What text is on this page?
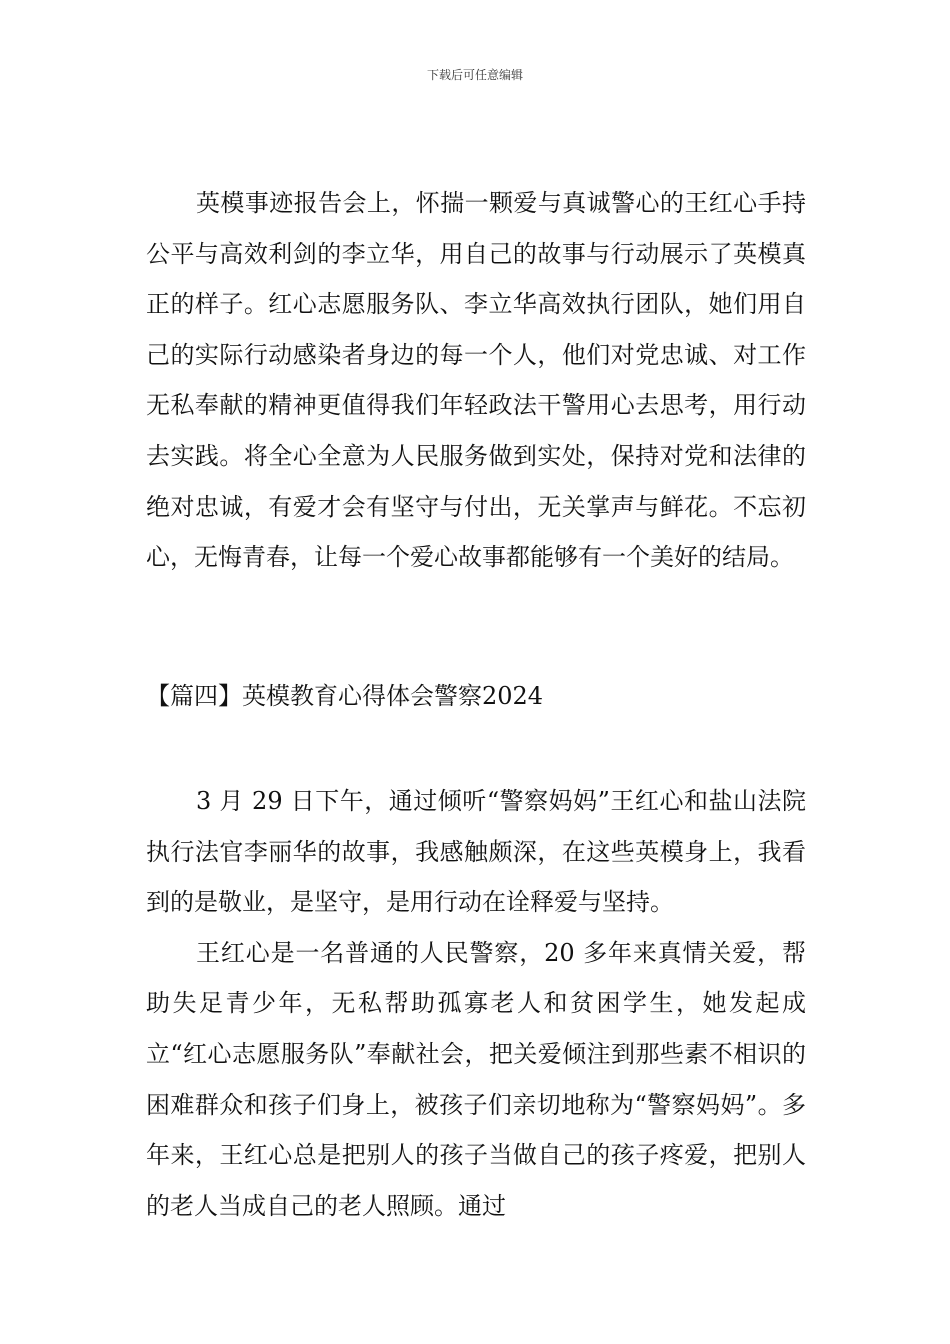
下载后可任意编辑

英模事迹报告会上，怀揣一颗爱与真诚警心的王红心手持公平与高效利剑的李立华，用自己的故事与行动展示了英模真正的样子。红心志愿服务队、李立华高效执行团队，她们用自己的实际行动感染者身边的每一个人，他们对党忠诚、对工作无私奉献的精神更值得我们年轻政法干警用心去思考，用行动去实践。将全心全意为人民服务做到实处，保持对党和法律的绝对忠诚，有爱才会有坚守与付出，无关掌声与鲜花。不忘初心，无悔青春，让每一个爱心故事都能够有一个美好的结局。

【篇四】英模教育心得体会警察2024

3 月 29 日下午，通过倾听“警察妈妈”王红心和盐山法院执行法官李丽华的故事，我感触颇深，在这些英模身上，我看到的是敬业，是坚守，是用行动在诠释爱与坚持。

王红心是一名普通的人民警察，20 多年来真情关爱，帮助失足青少年，无私帮助孤寡老人和贫困学生，她发起成立“红心志愿服务队”奉献社会，把关爱倾注到那些素不相识的困难群众和孩子们身上，被孩子们亲切地称为“警察妈妈”。多年来，王红心总是把别人的孩子当做自己的孩子疼爱，把别人的老人当成自己的老人照顾。通过
